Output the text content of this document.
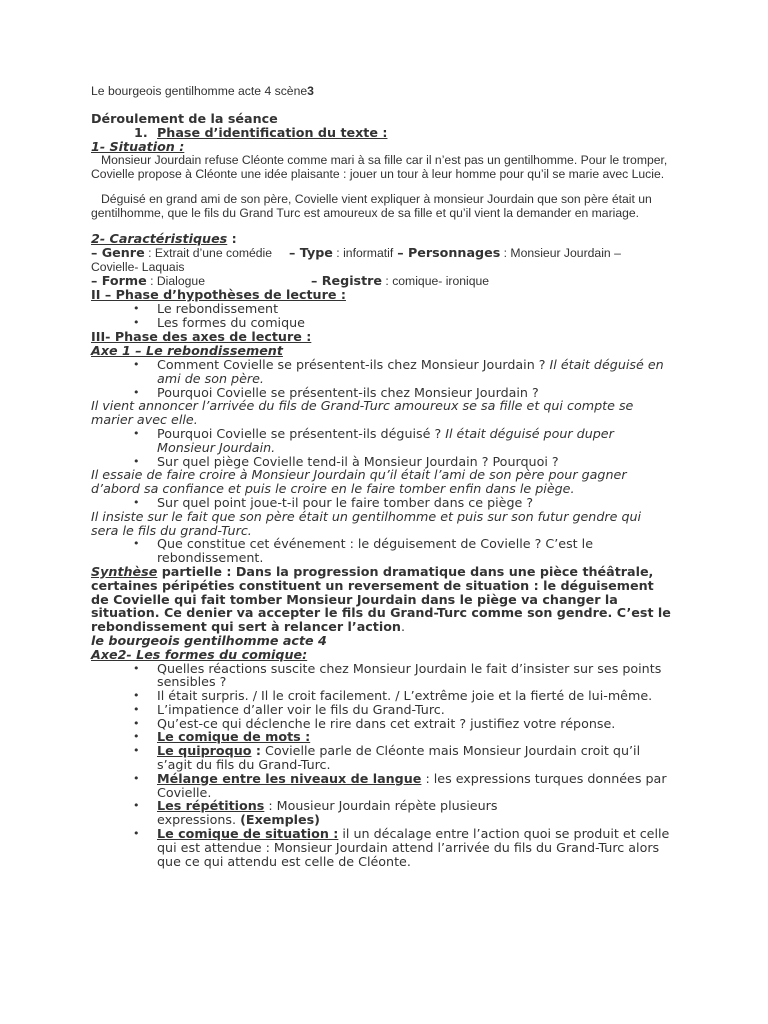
Le bourgeois gentilhomme acte 4 scène3
Déroulement de la séance
1. Phase d’identification du texte :
1- Situation :
Monsieur Jourdain refuse Cléonte comme mari à sa fille car il n’est pas un gentilhomme. Pour le tromper, Covielle propose à Cléonte une idée plaisante : jouer un tour à leur homme pour qu’il se marie avec Lucie.
Déguisé en grand ami de son père, Covielle vient expliquer à monsieur Jourdain que son père était un gentilhomme, que le fils du Grand Turc est amoureux de sa fille et qu’il vient la demander en mariage.
2- Caractéristiques :
– Genre : Extrait d’une comédie – Type : informatif – Personnages : Monsieur Jourdain –
Covielle- Laquais
– Forme : Dialogue	– Registre : comique- ironique
II – Phase d’hypothèses de lecture :
• Le rebondissement
• Les formes du comique
III- Phase des axes de lecture :
Axe 1 – Le rebondissement
• Comment Covielle se présentent-ils chez Monsieur Jourdain ? Il était déguisé en ami de son père.
• Pourquoi Covielle se présentent-ils chez Monsieur Jourdain ?
Il vient annoncer l’arrivée du fils de Grand-Turc amoureux se sa fille et qui compte se marier avec elle.
• Pourquoi Covielle se présentent-ils déguisé ? Il était déguisé pour duper Monsieur Jourdain.
• Sur quel piège Covielle tend-il à Monsieur Jourdain ? Pourquoi ?
Il essaie de faire croire à Monsieur Jourdain qu’il était l’ami de son père pour gagner d’abord sa confiance et puis le croire en le faire tomber enfin dans le piège.
• Sur quel point joue-t-il pour le faire tomber dans ce piège ?
Il insiste sur le fait que son père était un gentilhomme et puis sur son futur gendre qui sera le fils du grand-Turc.
• Que constitue cet événement : le déguisement de Covielle ? C’est le rebondissement.
Synthèse partielle : Dans la progression dramatique dans une pièce théâtrale, certaines péripéties constituent un reversement de situation : le déguisement de Covielle qui fait tomber Monsieur Jourdain dans le piège va changer la situation. Ce denier va accepter le fils du Grand-Turc comme son gendre. C’est le rebondissement qui sert à relancer l’action.
le bourgeois gentilhomme acte 4
Axe2- Les formes du comique:
• Quelles réactions suscite chez Monsieur Jourdain le fait d’insister sur ses points sensibles ?
• Il était surpris. / Il le croit facilement. / L’extrême joie et la fierté de lui-même.
• L’impatience d’aller voir le fils du Grand-Turc.
• Qu’est-ce qui déclenche le rire dans cet extrait ? justifiez votre réponse.
• Le comique de mots :
• Le quiproquo : Covielle parle de Cléonte mais Monsieur Jourdain croit qu’il s’agit du fils du Grand-Turc.
• Mélange entre les niveaux de langue : les expressions turques données par Covielle.
• Les répétitions : Mousieur Jourdain répète plusieurs expressions. (Exemples)
• Le comique de situation : il un décalage entre l’action quoi se produit et celle qui est attendue : Monsieur Jourdain attend l’arrivée du fils du Grand-Turc alors que ce qui attendu est celle de Cléonte.
